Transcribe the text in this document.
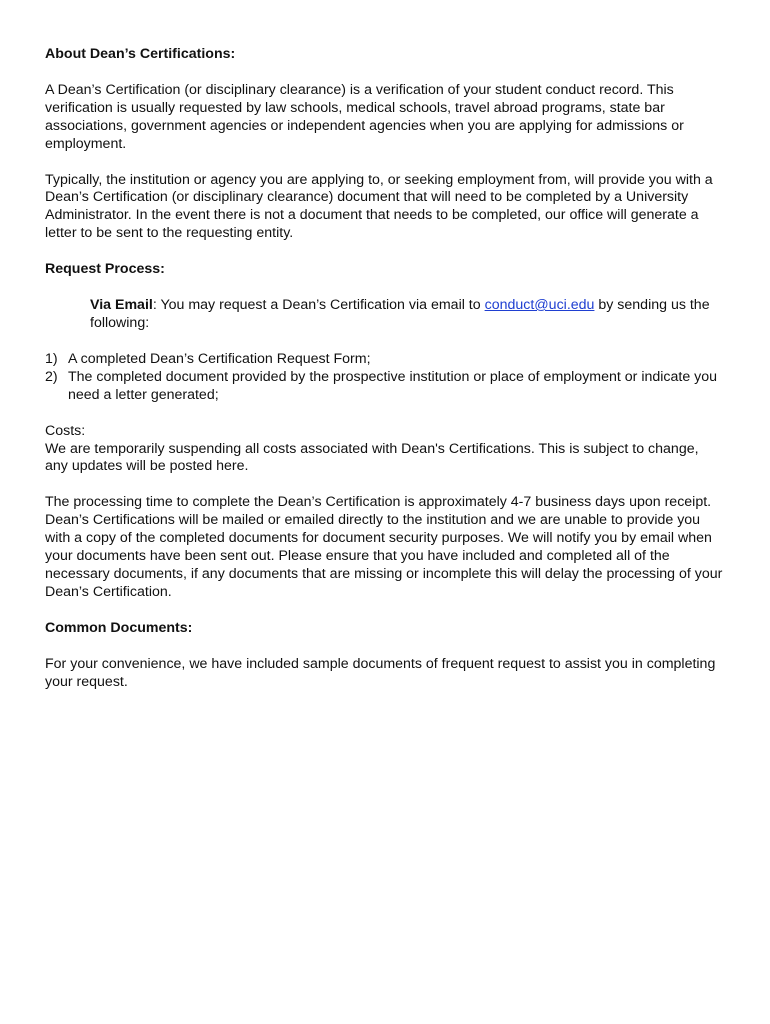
About Dean’s Certifications:

A Dean’s Certification (or disciplinary clearance) is a verification of your student conduct record. This verification is usually requested by law schools, medical schools, travel abroad programs, state bar associations, government agencies or independent agencies when you are applying for admissions or employment.

Typically, the institution or agency you are applying to, or seeking employment from, will provide you with a Dean’s Certification (or disciplinary clearance) document that will need to be completed by a University Administrator. In the event there is not a document that needs to be completed, our office will generate a letter to be sent to the requesting entity.

Request Process:

Via Email: You may request a Dean’s Certification via email to conduct@uci.edu by sending us the following:

1) A completed Dean’s Certification Request Form;
2) The completed document provided by the prospective institution or place of employment or indicate you need a letter generated;

Costs:

We are temporarily suspending all costs associated with Dean's Certifications. This is subject to change, any updates will be posted here.

The processing time to complete the Dean’s Certification is approximately 4-7 business days upon receipt. Dean’s Certifications will be mailed or emailed directly to the institution and we are unable to provide you with a copy of the completed documents for document security purposes. We will notify you by email when your documents have been sent out. Please ensure that you have included and completed all of the necessary documents, if any documents that are missing or incomplete this will delay the processing of your Dean’s Certification.

Common Documents:

For your convenience, we have included sample documents of frequent request to assist you in completing your request.
